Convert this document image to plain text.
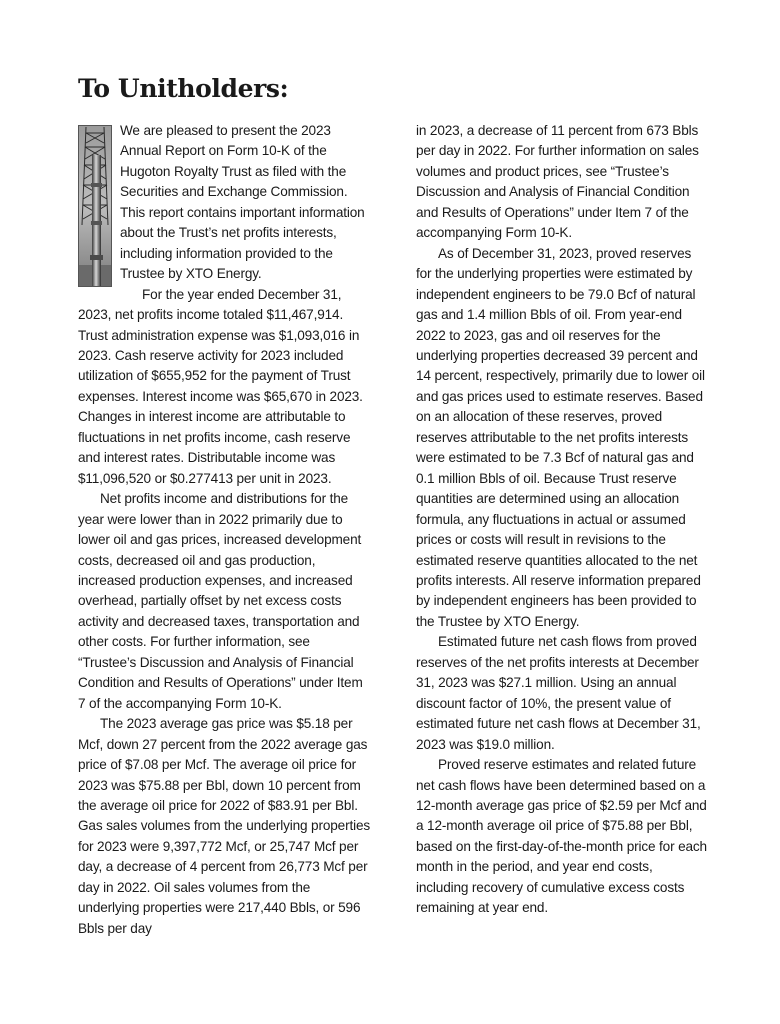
To Unitholders:

We are pleased to present the 2023 Annual Report on Form 10-K of the Hugoton Royalty Trust as filed with the Securities and Exchange Commission. This report contains important information about the Trust’s net profits interests, including information provided to the Trustee by XTO Energy.

For the year ended December 31, 2023, net profits income totaled $11,467,914. Trust administration expense was $1,093,016 in 2023. Cash reserve activity for 2023 included utilization of $655,952 for the payment of Trust expenses. Interest income was $65,670 in 2023. Changes in interest income are attributable to fluctuations in net profits income, cash reserve and interest rates. Distributable income was $11,096,520 or $0.277413 per unit in 2023.

Net profits income and distributions for the year were lower than in 2022 primarily due to lower oil and gas prices, increased development costs, decreased oil and gas production, increased production expenses, and increased overhead, partially offset by net excess costs activity and decreased taxes, transportation and other costs. For further information, see “Trustee’s Discussion and Analysis of Financial Condition and Results of Operations” under Item 7 of the accompanying Form 10-K.

The 2023 average gas price was $5.18 per Mcf, down 27 percent from the 2022 average gas price of $7.08 per Mcf. The average oil price for 2023 was $75.88 per Bbl, down 10 percent from the average oil price for 2022 of $83.91 per Bbl. Gas sales volumes from the underlying properties for 2023 were 9,397,772 Mcf, or 25,747 Mcf per day, a decrease of 4 percent from 26,773 Mcf per day in 2022. Oil sales volumes from the underlying properties were 217,440 Bbls, or 596 Bbls per day

in 2023, a decrease of 11 percent from 673 Bbls per day in 2022. For further information on sales volumes and product prices, see “Trustee’s Discussion and Analysis of Financial Condition and Results of Operations” under Item 7 of the accompanying Form 10-K.

As of December 31, 2023, proved reserves for the underlying properties were estimated by independent engineers to be 79.0 Bcf of natural gas and 1.4 million Bbls of oil. From year-end 2022 to 2023, gas and oil reserves for the underlying properties decreased 39 percent and 14 percent, respectively, primarily due to lower oil and gas prices used to estimate reserves. Based on an allocation of these reserves, proved reserves attributable to the net profits interests were estimated to be 7.3 Bcf of natural gas and 0.1 million Bbls of oil. Because Trust reserve quantities are determined using an allocation formula, any fluctuations in actual or assumed prices or costs will result in revisions to the estimated reserve quantities allocated to the net profits interests. All reserve information prepared by independent engineers has been provided to the Trustee by XTO Energy.

Estimated future net cash flows from proved reserves of the net profits interests at December 31, 2023 was $27.1 million. Using an annual discount factor of 10%, the present value of estimated future net cash flows at December 31, 2023 was $19.0 million.

Proved reserve estimates and related future net cash flows have been determined based on a 12-month average gas price of $2.59 per Mcf and a 12-month average oil price of $75.88 per Bbl, based on the first-day-of-the-month price for each month in the period, and year end costs, including recovery of cumulative excess costs remaining at year end.
